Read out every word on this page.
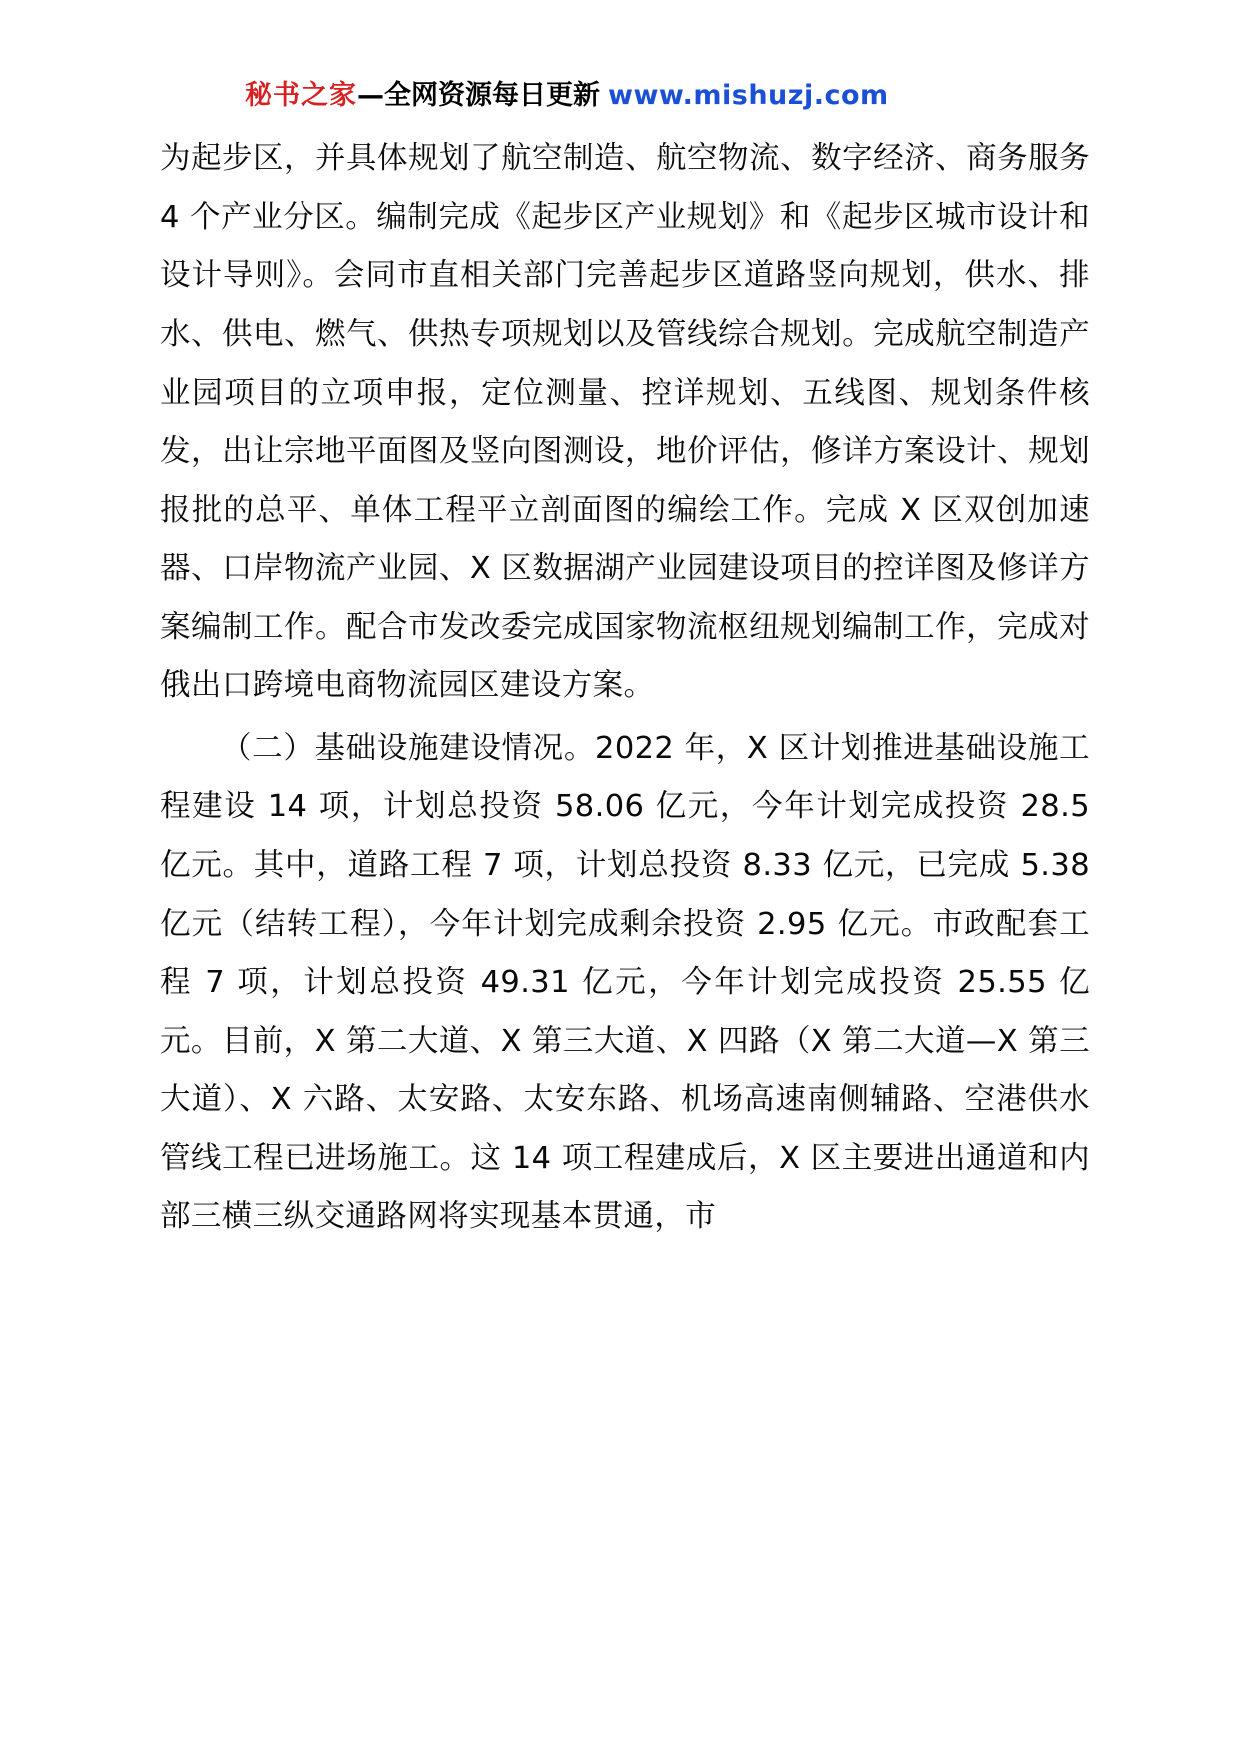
秘书之家—全网资源每日更新 www.mishuzj.com

为起步区，并具体规划了航空制造、航空物流、数字经济、商务服务 4 个产业分区。编制完成《起步区产业规划》和《起步区城市设计和设计导则》。会同市直相关部门完善起步区道路竖向规划，供水、排水、供电、燃气、供热专项规划以及管线综合规划。完成航空制造产业园项目的立项申报，定位测量、控详规划、五线图、规划条件核发，出让宗地平面图及竖向图测设，地价评估，修详方案设计、规划报批的总平、单体工程平立剖面图的编绘工作。完成 X 区双创加速器、口岸物流产业园、X 区数据湖产业园建设项目的控详图及修详方案编制工作。配合市发改委完成国家物流枢纽规划编制工作，完成对俄出口跨境电商物流园区建设方案。

（二）基础设施建设情况。2022 年，X 区计划推进基础设施工程建设 14 项，计划总投资 58.06 亿元，今年计划完成投资 28.5 亿元。其中，道路工程 7 项，计划总投资 8.33 亿元，已完成 5.38 亿元（结转工程），今年计划完成剩余投资 2.95 亿元。市政配套工程 7 项，计划总投资 49.31 亿元，今年计划完成投资 25.55 亿元。目前，X 第二大道、X 第三大道、X 四路（X 第二大道—X 第三大道）、X 六路、太安路、太安东路、机场高速南侧辅路、空港供水管线工程已进场施工。这 14 项工程建成后，X 区主要进出通道和内部三横三纵交通路网将实现基本贯通，市
